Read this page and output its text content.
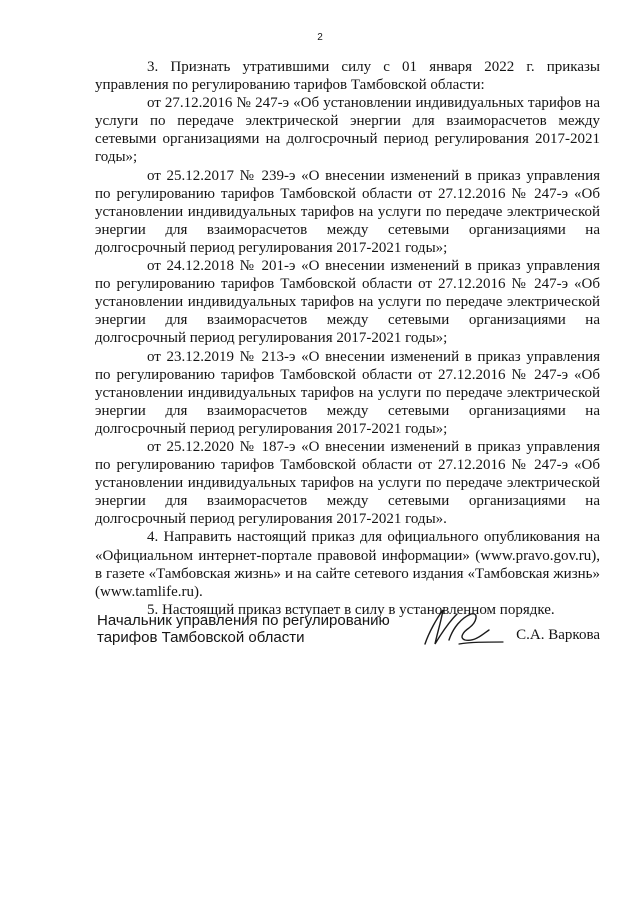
2

3. Признать утратившими силу с 01 января 2022 г. приказы управления по регулированию тарифов Тамбовской области:

от 27.12.2016 № 247-э «Об установлении индивидуальных тарифов на услуги по передаче электрической энергии для взаиморасчетов между сетевыми организациями на долгосрочный период регулирования 2017-2021 годы»;

от 25.12.2017 № 239-э «О внесении изменений в приказ управления по регулированию тарифов Тамбовской области от 27.12.2016 № 247-э «Об установлении индивидуальных тарифов на услуги по передаче электрической энергии для взаиморасчетов между сетевыми организациями на долгосрочный период регулирования 2017-2021 годы»;

от 24.12.2018 № 201-э «О внесении изменений в приказ управления по регулированию тарифов Тамбовской области от 27.12.2016 № 247-э «Об установлении индивидуальных тарифов на услуги по передаче электрической энергии для взаиморасчетов между сетевыми организациями на долгосрочный период регулирования 2017-2021 годы»;

от 23.12.2019 № 213-э «О внесении изменений в приказ управления по регулированию тарифов Тамбовской области от 27.12.2016 № 247-э «Об установлении индивидуальных тарифов на услуги по передаче электрической энергии для взаиморасчетов между сетевыми организациями на долгосрочный период регулирования 2017-2021 годы»;

от 25.12.2020 № 187-э «О внесении изменений в приказ управления по регулированию тарифов Тамбовской области от 27.12.2016 № 247-э «Об установлении индивидуальных тарифов на услуги по передаче электрической энергии для взаиморасчетов между сетевыми организациями на долгосрочный период регулирования 2017-2021 годы».

4. Направить настоящий приказ для официального опубликования на «Официальном интернет-портале правовой информации» (www.pravo.gov.ru), в газете «Тамбовская жизнь» и на сайте сетевого издания «Тамбовская жизнь» (www.tamlife.ru).

5. Настоящий приказ вступает в силу в установленном порядке.

Начальник управления по регулированию
тарифов Тамбовской области	С.А. Варкова
